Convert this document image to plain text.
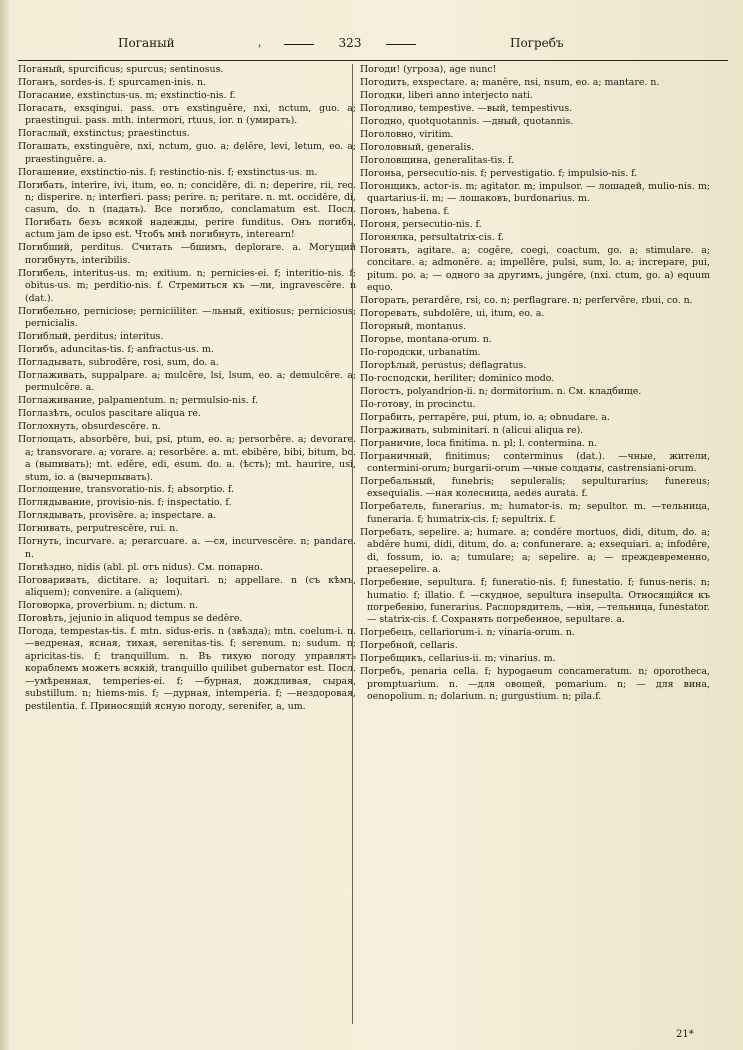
Поганый	,	323	Погребъ
Поганый, spurcificus; spurcus; sentinosus.
Поганъ, sordes-is. f; spurcamen-inis. n.
Погасание, exstinctus-us. m; exstinctio-nis. f.
Погасать, exsqingui. pass. отъ exstinguĕre, nxi, nctum, guo. a; praestingui. pass. mth. intermori, rtuus, ior. n (умирать).
Погаслый, exstinctus; praestinctus.
Погашать, exstinguĕre, nxi, nctum, guo. a; delĕre, levi, letum, eo. a; praestinguĕre. a.
Погашение, exstinctio-nis. f; restinctio-nis. f; exstinctus-us. m.
Погибать, interire, ivi, itum, eo. n; concidĕre, di. n; deperire, rii, reo. n; disperire. n; interfieri. pass; perire. n; peritare. n. mt. occidĕre, di, casum, do. n (падать). Все погибло, conclamatum est. Посл. Погибать безъ всякой надежды, perire funditus. Онъ погибъ, actum jam de ipso est. Чтобъ мнѣ погибнуть, interearn!
Погибший, perditus. Считать —бшимъ, deplorare. a. Могущий погибнуть, interibilis.
Погибель, interitus-us. m; exitium. n; pernicies-ei. f; interitio-nis. f; obitus-us. m; perditio-nis. f. Стремиться къ —ли, ingravescĕre. n (dat.).
Погибельно, perniciose; perniciiliter. —льный, exitiosus; perniciosus; pernicialis.
Погиблый, perditus; interitus.
Погибъ, aduncitas-tis. f; anfractus-us. m.
Погладывать, subrodĕre, rosi, sum, do. a.
Поглаживать, suppalpare. a; mulcĕre, lsi, lsum, eo. a; demulcĕre. a; permulcĕre. a.
Поглаживание, palpamentum. n; permulsio-nis. f.
Поглазѣть, oculos pascitare aliqua re.
Поглохнуть, obsurdescĕre. n.
Поглощать, absorbĕre, bui, psi, ptum, eo. a; persorbĕre. a; devorare. a; transvorare. a; vorare. a; resorbĕre. a. mt. ebibĕre, bibi, bitum, bo. a (выпивать); mt. edĕre, edi, esum. do. a. (ѣсть); mt. haurire, usi, stum, io. a (вычерпывать).
Поглощение, transvoratio-nis. f; absorptio. f.
Поглядывание, provisio-nis. f; inspectatio. f.
Поглядывать, provisĕre. a; inspectare. a.
Погнивать, perputrescĕre, rui. n.
Погнуть, incurvare. a; perarcuare. a. —ся, incurvescĕre. n; pandare. n.
Погнѣздно, nidis (abl. pl. отъ nidus). См. попарно.
Поговаривать, dictitare. a; loquitari. n; appellare. n (съ кѣмъ, aliquem); convenire. a (aliquem).
Поговорка, proverbium. n; dictum. n.
Поговѣть, jejunio in aliquod tempus se dedĕre.
Погода, tempestas-tis. f. mtn. sidus-eris. n (звѣзда); mtn. coelum-i. n. —ведреная, ясная, тихая, serenitas-tis. f; serenum. n; sudum. n; apricitas-tis. f; tranquillum. n. Въ тихую погоду управлять кораблемъ можетъ всякій, tranquillo quilibet gubernator est. Посл. —умѣренная, temperies-ei. f; —бурная, дождливая, сырая, substillum. n; hiems-mis. f; —дурная, intemperia. f; —нездоровая, pestilentia. f. Приносящій ясную погоду, serenifer, a, um.
Погоди! (угроза), age nunc!
Погодить, exspectare. a; manĕre, nsi, nsum, eo. a; mantare. n.
Погодки, liberi anno interjecto nati.
Погодливо, tempestive. —вый, tempestivus.
Погодно, quotquotannis. —дный, quotannis.
Поголовно, viritim.
Поголовный, generalis.
Поголовщина, generalitas-tis. f.
Погоньа, persecutio-nis. f; pervestigatio. f; impulsio-nis. f.
Погонщикъ, actor-is. m; agitator. m; impulsor. — лошадей, mulio-nis. m; quartarius-ii. m; — лошаковъ, burdonarius. m.
Погонъ, habena. f.
Погоня, persecutio-nis. f.
Погонялка, persultatrix-cis. f.
Погонять, agitare. a; cogĕre, coegi, coactum, go. a; stimulare. a; concitare. a; admonĕre. a; impellĕre, pulsi, sum, lo. a; increpare, pui, pitum. po. a; — одного за другимъ, jungĕre, (nxi. ctum, go. a) equum equo.
Погорать, perardĕre, rsi, co. n; perflagrare. n; perfervĕre, rbui, co. n.
Погоревать, subdolĕre, ui, itum, eo. a.
Погорный, montanus.
Погорье, montana-orum. n.
По-городски, urbanatim.
Погорѣлый, perustus; deflagratus.
По-господски, heriliter; dominico modo.
Погостъ, polyandrion-ii. n; dormitorium. n. См. кладбище.
По-готову, in procinctu.
Пограбить, perrapĕre, pui, ptum, io. a; obnudare. a.
Пограживать, subminitari. n (alicui aliqua re).
Пограничие, loca finitima. n. pl; l. conterminа. n.
Пограничный, finitimus; conterminus (dat.). —чные, жители, contermini-orum; burgarii-orum —чные солдаты, castrensiani-orum.
Погребальный, funebris; sepuleralis; sepulturarius; funereus; exsequialis. —ная колесница, aedes aurata. f.
Погребатель, funerarius. m; humator-is. m; sepultor. m. —тельница, funeraria. f; humatrix-cis. f; sepultrix. f.
Погребать, sepelire. a; humare. a; condĕre mortuos, didi, ditum, do. a; abdĕre humi, didi, ditum, do. a; confunerare. a; exsequiari. a; infodĕre, di, fossum, io. a; tumulare; a; sepelire. a; — преждевременно, praesepelire. a.
Погребение, sepultura. f; funeratio-nis. f; funestatio. f; funus-neris. n; humatio. f; illatio. f. —скудное, sepultura insepulta. Относящійся къ погребенію, funerarius. Распорядитель, —нія, —тельница, funestator. — statrix-cis. f. Сохранять погребенное, sepultare. a.
Погребецъ, cellariorum-i. n; vinaria-orum. n.
Погребной, cellaris.
Погребщикъ, cellarius-ii. m; vinarius. m.
Погребъ, penaria cella. f; hypogaeum concameratum. n; oporotheca, promptuarium. n. —для овощей, pomarium. n; — для вина, oenopolium. n; dolarium. n; gurgustium. n; pila.f.
21*
